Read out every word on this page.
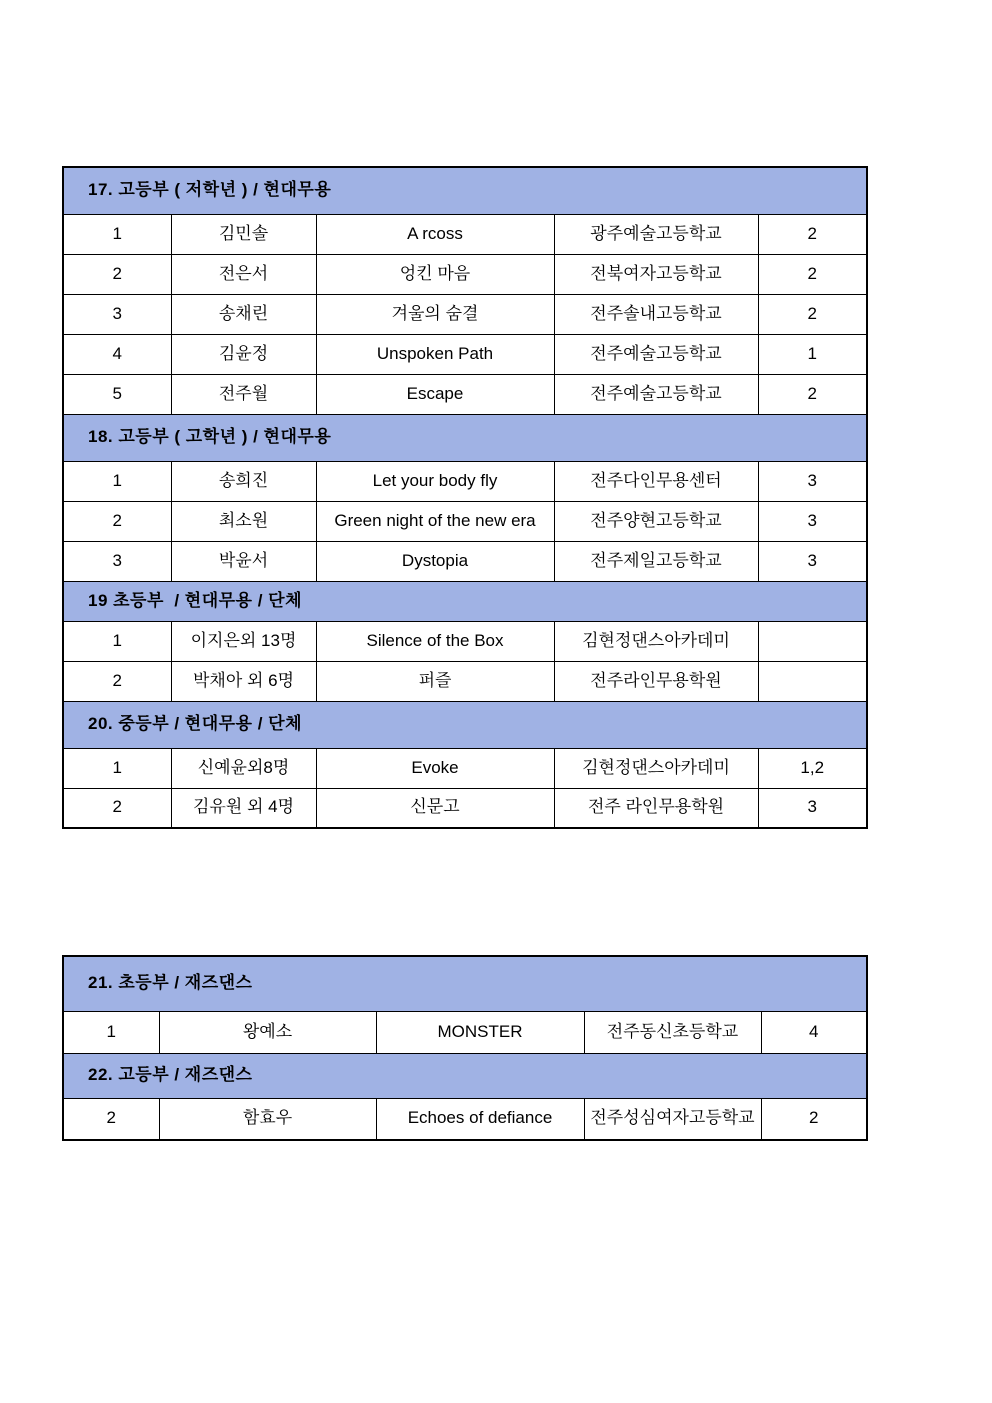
17. 고등부 ( 저학년 ) / 현대무용				
1	김민솔	A rcoss	광주예술고등학교	2
2	전은서	엉킨 마음	전북여자고등학교	2
3	송채린	겨울의 숨결	전주솔내고등학교	2
4	김윤정	Unspoken Path	전주예술고등학교	1
5	전주월	Escape	전주예술고등학교	2
18. 고등부 ( 고학년 ) / 현대무용				
1	송희진	Let your body fly	전주다인무용센터	3
2	최소원	Green night of the new era	전주양현고등학교	3
3	박윤서	Dystopia	전주제일고등학교	3
19 초등부  / 현대무용 / 단체				
1	이지은외 13명	Silence of the Box	김현정댄스아카데미	
2	박채아 외 6명	퍼즐	전주라인무용학원	
20. 중등부 / 현대무용 / 단체				
1	신예윤외8명	Evoke	김현정댄스아카데미	1,2
2	김유원 외 4명	신문고	전주 라인무용학원	3
21. 초등부 / 재즈댄스				
1	왕예소	MONSTER	전주동신초등학교	4
22. 고등부 / 재즈댄스				
2	함효우	Echoes of defiance	전주성심여자고등학교	2
